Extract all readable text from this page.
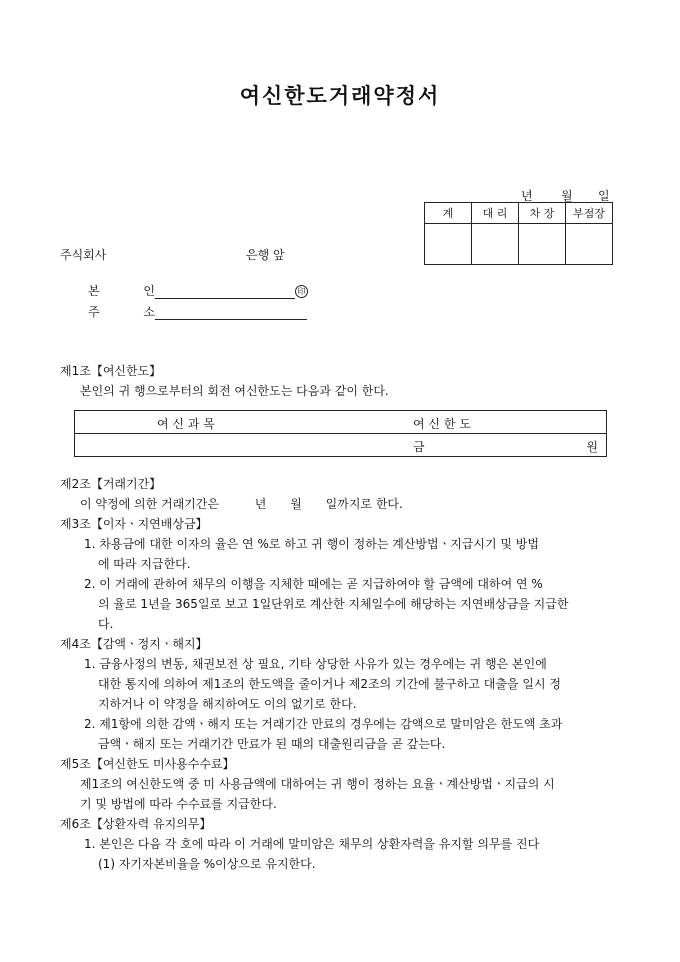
여신한도거래약정서
년 월 일
계	대 리	차 장	부점장

주식회사	은행 앞
본	인	印
주	소
제1조【여신한도】
본인의 귀 행으로부터의 회전 여신한도는 다음과 같이 한다.
여 신 과 목	여 신 한 도

	금 원
제2조【거래기간】
이 약정에 의한 거래기간은	년 월 일까지로 한다.
제3조【이자ㆍ지연배상금】
1. 차용금에 대한 이자의 율은 연 %로 하고 귀 행이 정하는 계산방법ㆍ지급시기 및 방법
에 따라 지급한다.
2. 이 거래에 관하여 채무의 이행을 지체한 때에는 곧 지급하여야 할 금액에 대하여 연 %
의 율로 1년을 365일로 보고 1일단위로 계산한 지체일수에 해당하는 지연배상금을 지급한
다.
제4조【감액ㆍ정지ㆍ해지】
1. 금융사정의 변동, 채권보전 상 필요, 기타 상당한 사유가 있는 경우에는 귀 행은 본인에
대한 통지에 의하여 제1조의 한도액을 줄이거나 제2조의 기간에 불구하고 대출을 일시 정
지하거나 이 약정을 해지하여도 이의 없기로 한다.
2. 제1항에 의한 감액ㆍ해지 또는 거래기간 만료의 경우에는 감액으로 말미암은 한도액 초과
금액ㆍ해지 또는 거래기간 만료가 된 때의 대출원리금을 곧 갚는다.
제5조【여신한도 미사용수수료】
제1조의 여신한도액 중 미 사용금액에 대하여는 귀 행이 정하는 요율ㆍ계산방법ㆍ지급의 시
기 및 방법에 따라 수수료를 지급한다.
제6조【상환자력 유지의무】
1. 본인은 다음 각 호에 따라 이 거래에 말미암은 채무의 상환자력을 유지할 의무를 진다
(1) 자기자본비율을 %이상으로 유지한다.
